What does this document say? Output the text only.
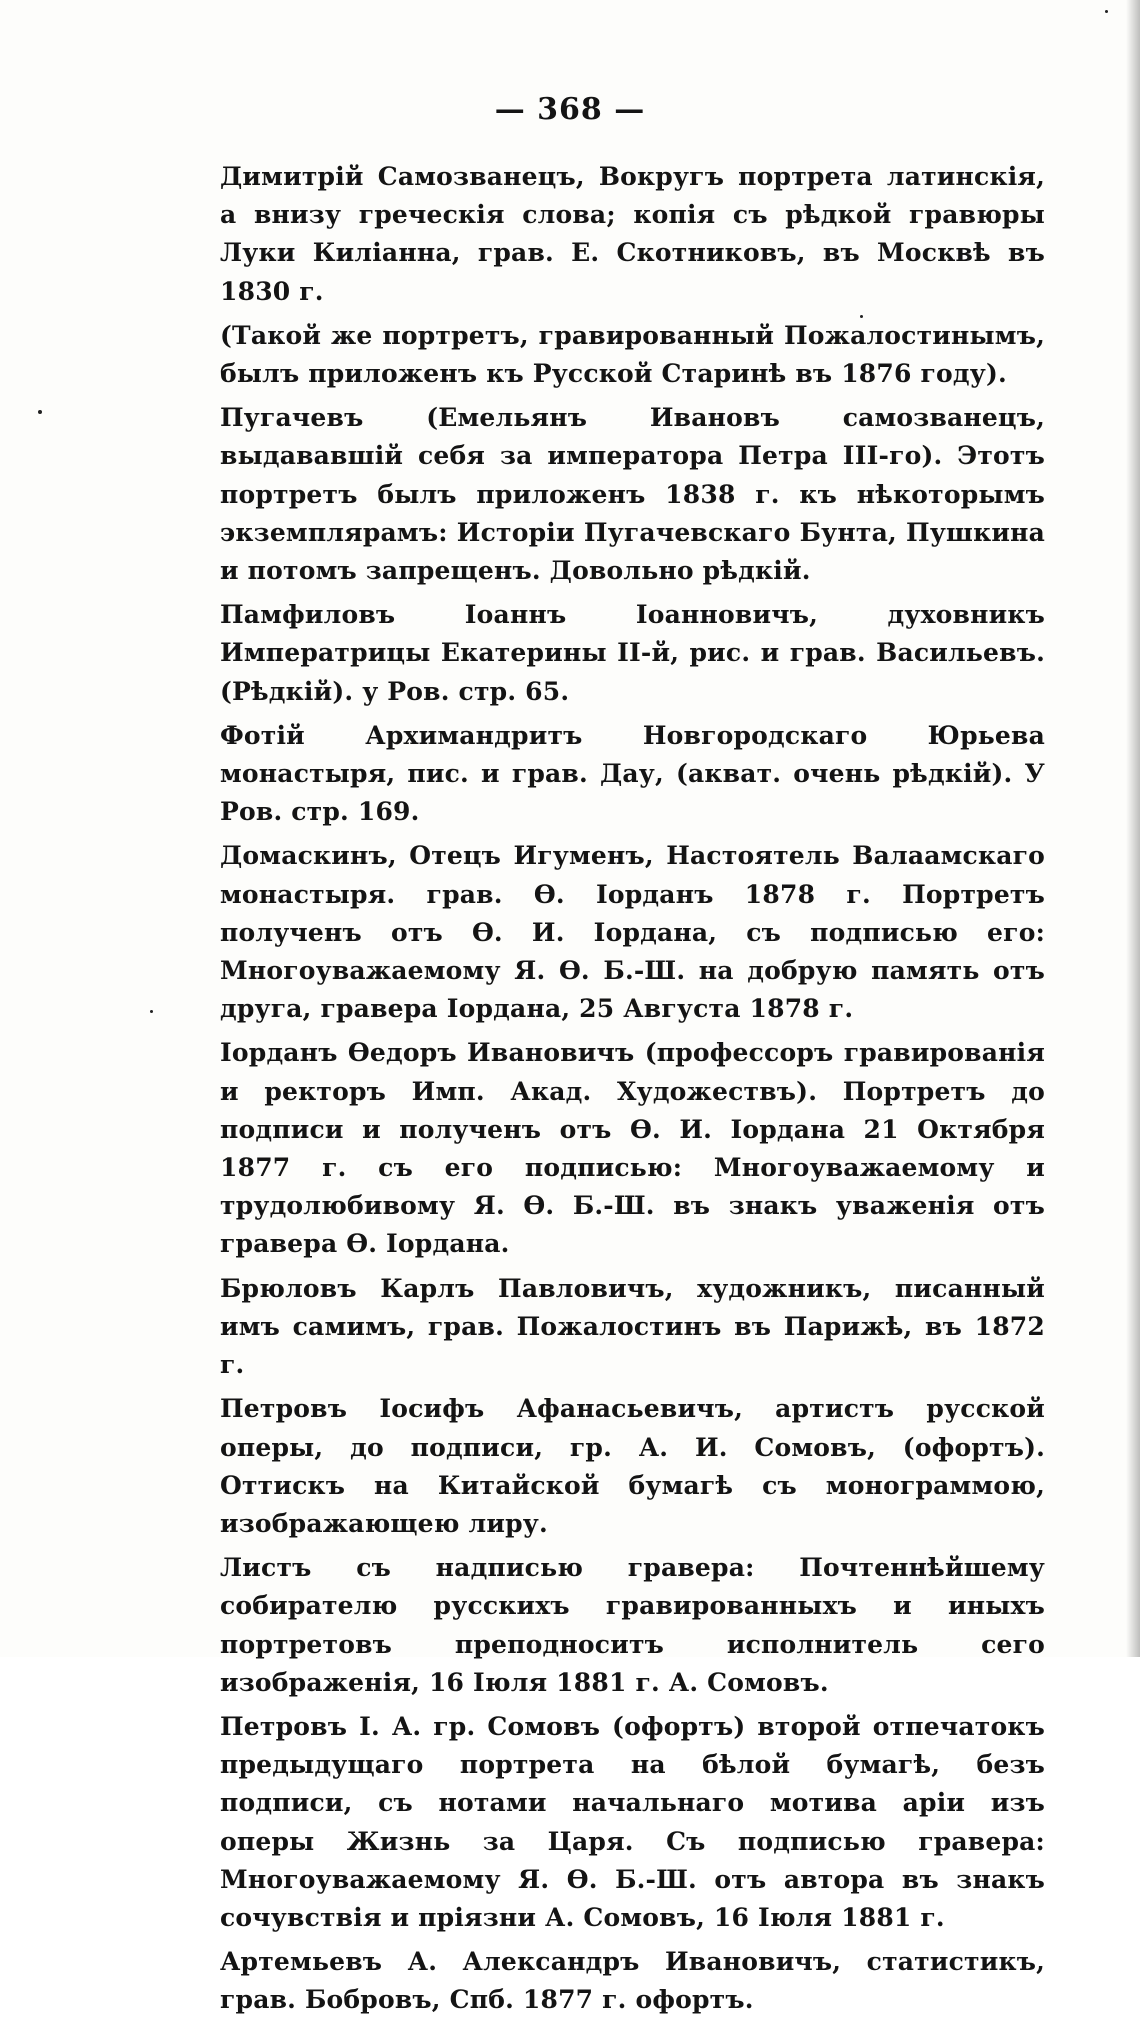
— 368 —

Димитрій Самозванецъ, Вокругъ портрета латинскія, а внизу греческія слова; копія съ рѣдкой гравюры Луки Киліанна, грав. Е. Скотниковъ, въ Москвѣ въ 1830 г.

(Такой же портретъ, гравированный Пожалостинымъ, былъ приложенъ къ Русской Старинѣ въ 1876 году).

Пугачевъ (Емельянъ Ивановъ самозванецъ, выдававшій себя за императора Петра III-го). Этотъ портретъ былъ приложенъ 1838 г. къ нѣкоторымъ экземплярамъ: Исторіи Пугачевскаго Бунта, Пушкина и потомъ запрещенъ. Довольно рѣдкій.

Памфиловъ Іоаннъ Іоанновичъ, духовникъ Императрицы Екатерины II-й, рис. и грав. Васильевъ. (Рѣдкій). у Ров. стр. 65.

Фотій Архимандритъ Новгородскаго Юрьева монастыря, пис. и грав. Дау, (акват. очень рѣдкій). У Ров. стр. 169.

Домаскинъ, Отецъ Игуменъ, Настоятель Валаамскаго монастыря. грав. Ѳ. Іорданъ 1878 г. Портретъ полученъ отъ Ѳ. И. Іордана, съ подписью его: Многоуважаемому Я. Ѳ. Б.-Ш. на добрую память отъ друга, гравера Іордана, 25 Августа 1878 г.

Іорданъ Ѳедоръ Ивановичъ (профессоръ гравированія и ректоръ Имп. Акад. Художествъ). Портретъ до подписи и полученъ отъ Ѳ. И. Іордана 21 Октября 1877 г. съ его подписью: Многоуважаемому и трудолюбивому Я. Ѳ. Б.-Ш. въ знакъ уваженія отъ гравера Ѳ. Іордана.

Брюловъ Карлъ Павловичъ, художникъ, писанный имъ самимъ, грав. Пожалостинъ въ Парижѣ, въ 1872 г.

Петровъ Іосифъ Афанасьевичъ, артистъ русской оперы, до подписи, гр. А. И. Сомовъ, (офортъ). Оттискъ на Китайской бумагѣ съ монограммою, изображающею лиру.

Листъ съ надписью гравера: Почтеннѣйшему собирателю русскихъ гравированныхъ и иныхъ портретовъ преподноситъ исполнитель сего изображенія, 16 Іюля 1881 г. А. Сомовъ.

Петровъ I. А. гр. Сомовъ (офортъ) второй отпечатокъ предыдущаго портрета на бѣлой бумагѣ, безъ подписи, съ нотами начальнаго мотива аріи изъ оперы Жизнь за Царя. Съ подписью гравера: Многоуважаемому Я. Ѳ. Б.-Ш. отъ автора въ знакъ сочувствія и пріязни А. Сомовъ, 16 Іюля 1881 г.

Артемьевъ А. Александръ Ивановичъ, статистикъ, грав. Бобровъ, Спб. 1877 г. офортъ.
